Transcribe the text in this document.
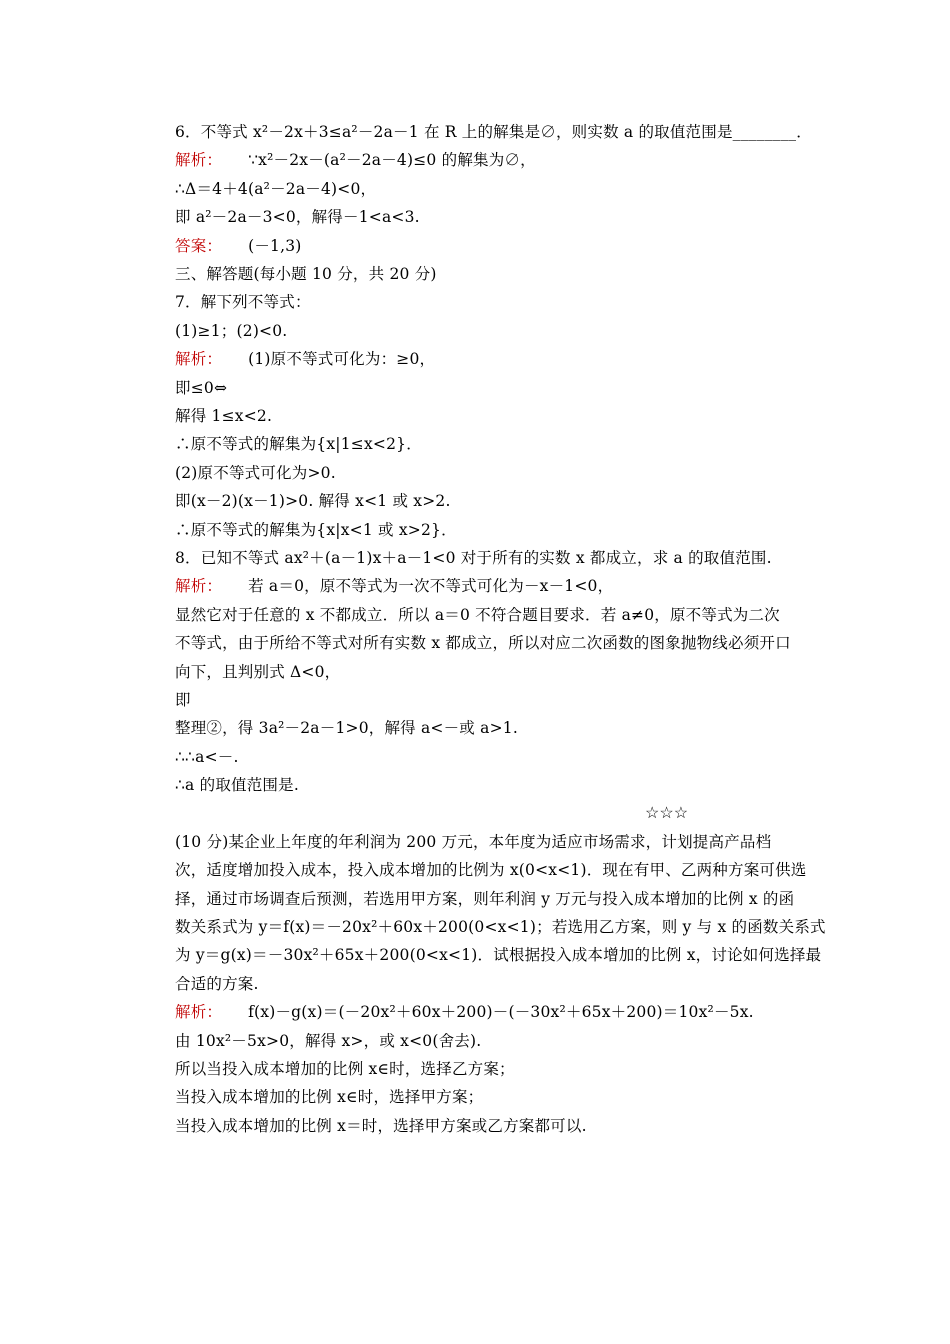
6．不等式 x²－2x＋3≤a²－2a－1 在 R 上的解集是∅，则实数 a 的取值范围是________．
解析： ∵x²－2x－(a²－2a－4)≤0 的解集为∅，
∴Δ＝4＋4(a²－2a－4)<0，
即 a²－2a－3<0，解得－1<a<3.
答案： (－1,3)
三、解答题(每小题 10 分，共 20 分)
7．解下列不等式：
(1)≥1；(2)<0.
解析： (1)原不等式可化为：≥0，
即≤0⇔
解得 1≤x<2.
∴原不等式的解集为{x|1≤x<2}．
(2)原不等式可化为>0.
即(x－2)(x－1)>0. 解得 x<1 或 x>2.
∴原不等式的解集为{x|x<1 或 x>2}．
8．已知不等式 ax²＋(a－1)x＋a－1<0 对于所有的实数 x 都成立，求 a 的取值范围.
解析： 若 a＝0，原不等式为一次不等式可化为－x－1<0，
显然它对于任意的 x 不都成立．所以 a＝0 不符合题目要求．若 a≠0，原不等式为二次
不等式，由于所给不等式对所有实数 x 都成立，所以对应二次函数的图象抛物线必须开口
向下，且判别式 Δ<0，
即
整理②，得 3a²－2a－1>0，解得 a<－或 a>1.
∴∴a<－.
∴a 的取值范围是.
☆☆☆
(10 分)某企业上年度的年利润为 200 万元，本年度为适应市场需求，计划提高产品档
次，适度增加投入成本，投入成本增加的比例为 x(0<x<1)．现在有甲、乙两种方案可供选
择，通过市场调查后预测，若选用甲方案，则年利润 y 万元与投入成本增加的比例 x 的函
数关系式为 y＝f(x)＝－20x²＋60x＋200(0<x<1)；若选用乙方案，则 y 与 x 的函数关系式
为 y＝g(x)＝－30x²＋65x＋200(0<x<1)．试根据投入成本增加的比例 x，讨论如何选择最
合适的方案.
解析： f(x)－g(x)＝(－20x²＋60x＋200)－(－30x²＋65x＋200)＝10x²－5x.
由 10x²－5x>0，解得 x>，或 x<0(舍去).
所以当投入成本增加的比例 x∈时，选择乙方案；
当投入成本增加的比例 x∈时，选择甲方案；
当投入成本增加的比例 x＝时，选择甲方案或乙方案都可以.
